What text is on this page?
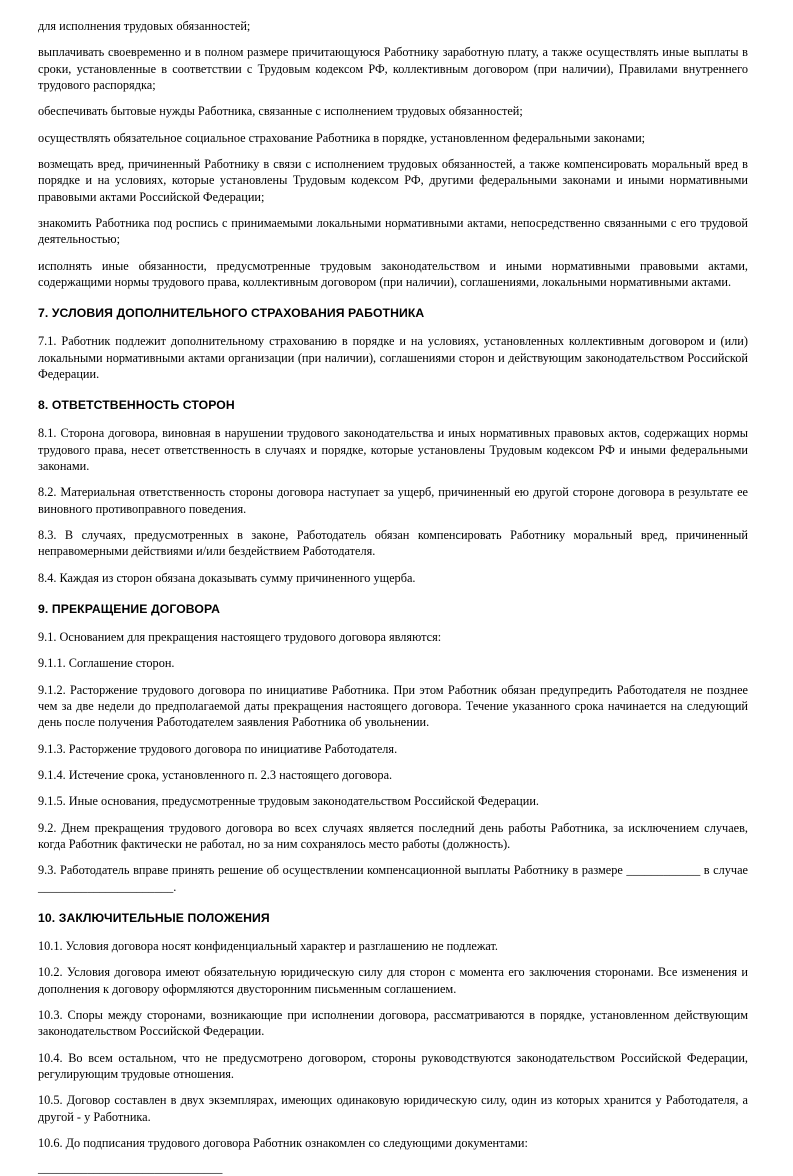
для исполнения трудовых обязанностей;

выплачивать своевременно и в полном размере причитающуюся Работнику заработную плату, а также осуществлять иные выплаты в сроки, установленные в соответствии с Трудовым кодексом РФ, коллективным договором (при наличии), Правилами внутреннего трудового распорядка;

обеспечивать бытовые нужды Работника, связанные с исполнением трудовых обязанностей;

осуществлять обязательное социальное страхование Работника в порядке, установленном федеральными законами;

возмещать вред, причиненный Работнику в связи с исполнением трудовых обязанностей, а также компенсировать моральный вред в порядке и на условиях, которые установлены Трудовым кодексом РФ, другими федеральными законами и иными нормативными правовыми актами Российской Федерации;

знакомить Работника под роспись с принимаемыми локальными нормативными актами, непосредственно связанными с его трудовой деятельностью;

исполнять иные обязанности, предусмотренные трудовым законодательством и иными нормативными правовыми актами, содержащими нормы трудового права, коллективным договором (при наличии), соглашениями, локальными нормативными актами.

7. УСЛОВИЯ ДОПОЛНИТЕЛЬНОГО СТРАХОВАНИЯ РАБОТНИКА

7.1. Работник подлежит дополнительному страхованию в порядке и на условиях, установленных коллективным договором и (или) локальными нормативными актами организации (при наличии), соглашениями сторон и действующим законодательством Российской Федерации.

8. ОТВЕТСТВЕННОСТЬ СТОРОН

8.1. Сторона договора, виновная в нарушении трудового законодательства и иных нормативных правовых актов, содержащих нормы трудового права, несет ответственность в случаях и порядке, которые установлены Трудовым кодексом РФ и иными федеральными законами.

8.2. Материальная ответственность стороны договора наступает за ущерб, причиненный ею другой стороне договора в результате ее виновного противоправного поведения.

8.3. В случаях, предусмотренных в законе, Работодатель обязан компенсировать Работнику моральный вред, причиненный неправомерными действиями и/или бездействием Работодателя.

8.4. Каждая из сторон обязана доказывать сумму причиненного ущерба.

9. ПРЕКРАЩЕНИЕ ДОГОВОРА

9.1. Основанием для прекращения настоящего трудового договора являются:

9.1.1. Соглашение сторон.

9.1.2. Расторжение трудового договора по инициативе Работника. При этом Работник обязан предупредить Работодателя не позднее чем за две недели до предполагаемой даты прекращения настоящего договора. Течение указанного срока начинается на следующий день после получения Работодателем заявления Работника об увольнении.

9.1.3. Расторжение трудового договора по инициативе Работодателя.

9.1.4. Истечение срока, установленного п. 2.3 настоящего договора.

9.1.5. Иные основания, предусмотренные трудовым законодательством Российской Федерации.

9.2. Днем прекращения трудового договора во всех случаях является последний день работы Работника, за исключением случаев, когда Работник фактически не работал, но за ним сохранялось место работы (должность).

9.3. Работодатель вправе принять решение об осуществлении компенсационной выплаты Работнику в размере ____________ в случае ______________________.

10. ЗАКЛЮЧИТЕЛЬНЫЕ ПОЛОЖЕНИЯ

10.1. Условия договора носят конфиденциальный характер и разглашению не подлежат.

10.2. Условия договора имеют обязательную юридическую силу для сторон с момента его заключения сторонами. Все изменения и дополнения к договору оформляются двусторонним письменным соглашением.

10.3. Споры между сторонами, возникающие при исполнении договора, рассматриваются в порядке, установленном действующим законодательством Российской Федерации.

10.4. Во всем остальном, что не предусмотрено договором, стороны руководствуются законодательством Российской Федерации, регулирующим трудовые отношения.

10.5. Договор составлен в двух экземплярах, имеющих одинаковую юридическую силу, один из которых хранится у Работодателя, а другой - у Работника.

10.6. До подписания трудового договора Работник ознакомлен со следующими документами:

______________________________
